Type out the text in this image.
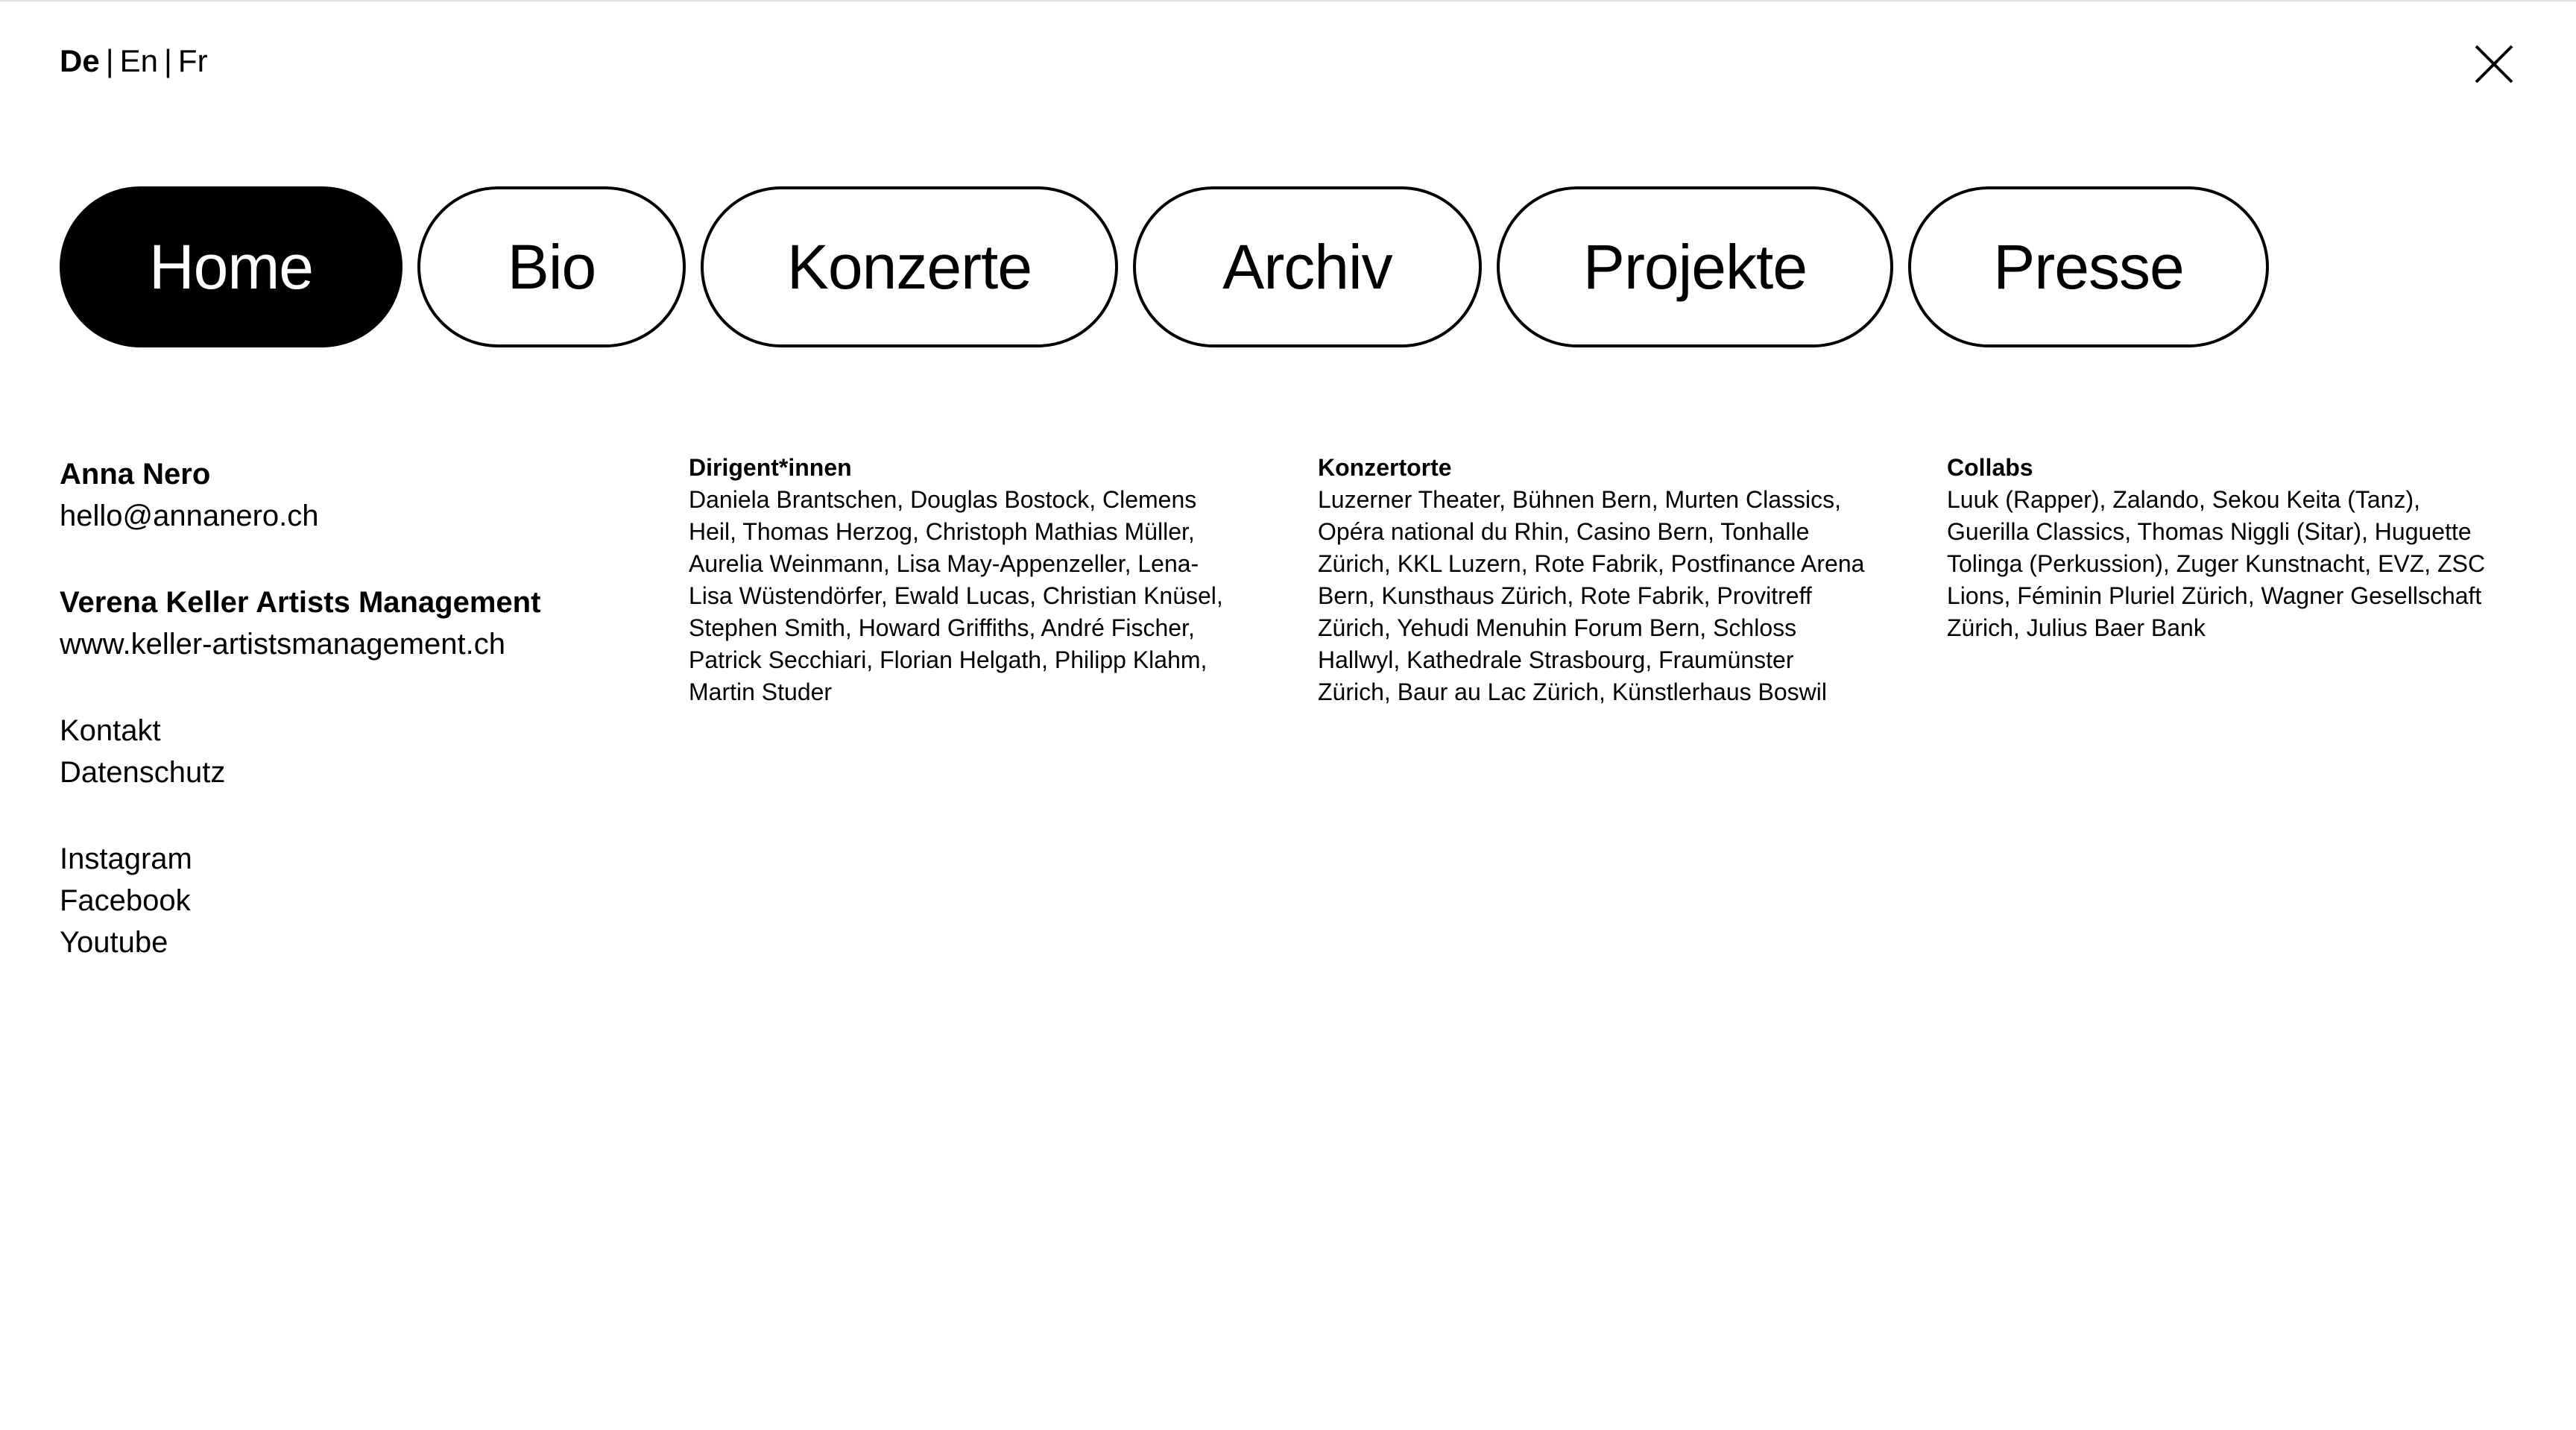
De | En | Fr
Home	Bio	Konzerte	Archiv	Projekte	Presse
Anna Nero
hello@annanero.ch
Verena Keller Artists Management
www.keller-artistsmanagement.ch
Kontakt
Datenschutz
Instagram
Facebook
Youtube
Dirigent*innen
Daniela Brantschen, Douglas Bostock, Clemens Heil, Thomas Herzog, Christoph Mathias Müller, Aurelia Weinmann, Lisa May-Appenzeller, Lena-Lisa Wüstendörfer, Ewald Lucas, Christian Knüsel, Stephen Smith, Howard Griffiths, André Fischer, Patrick Secchiari, Florian Helgath, Philipp Klahm, Martin Studer
Konzertorte
Luzerner Theater, Bühnen Bern, Murten Classics, Opéra national du Rhin, Casino Bern, Tonhalle Zürich, KKL Luzern, Rote Fabrik, Postfinance Arena Bern, Kunsthaus Zürich, Rote Fabrik, Provitreff Zürich, Yehudi Menuhin Forum Bern, Schloss Hallwyl, Kathedrale Strasbourg, Fraumünster Zürich, Baur au Lac Zürich, Künstlerhaus Boswil
Collabs
Luuk (Rapper), Zalando, Sekou Keita (Tanz), Guerilla Classics, Thomas Niggli (Sitar), Huguette Tolinga (Perkussion), Zuger Kunstnacht, EVZ, ZSC Lions, Féminin Pluriel Zürich, Wagner Gesellschaft Zürich, Julius Baer Bank
